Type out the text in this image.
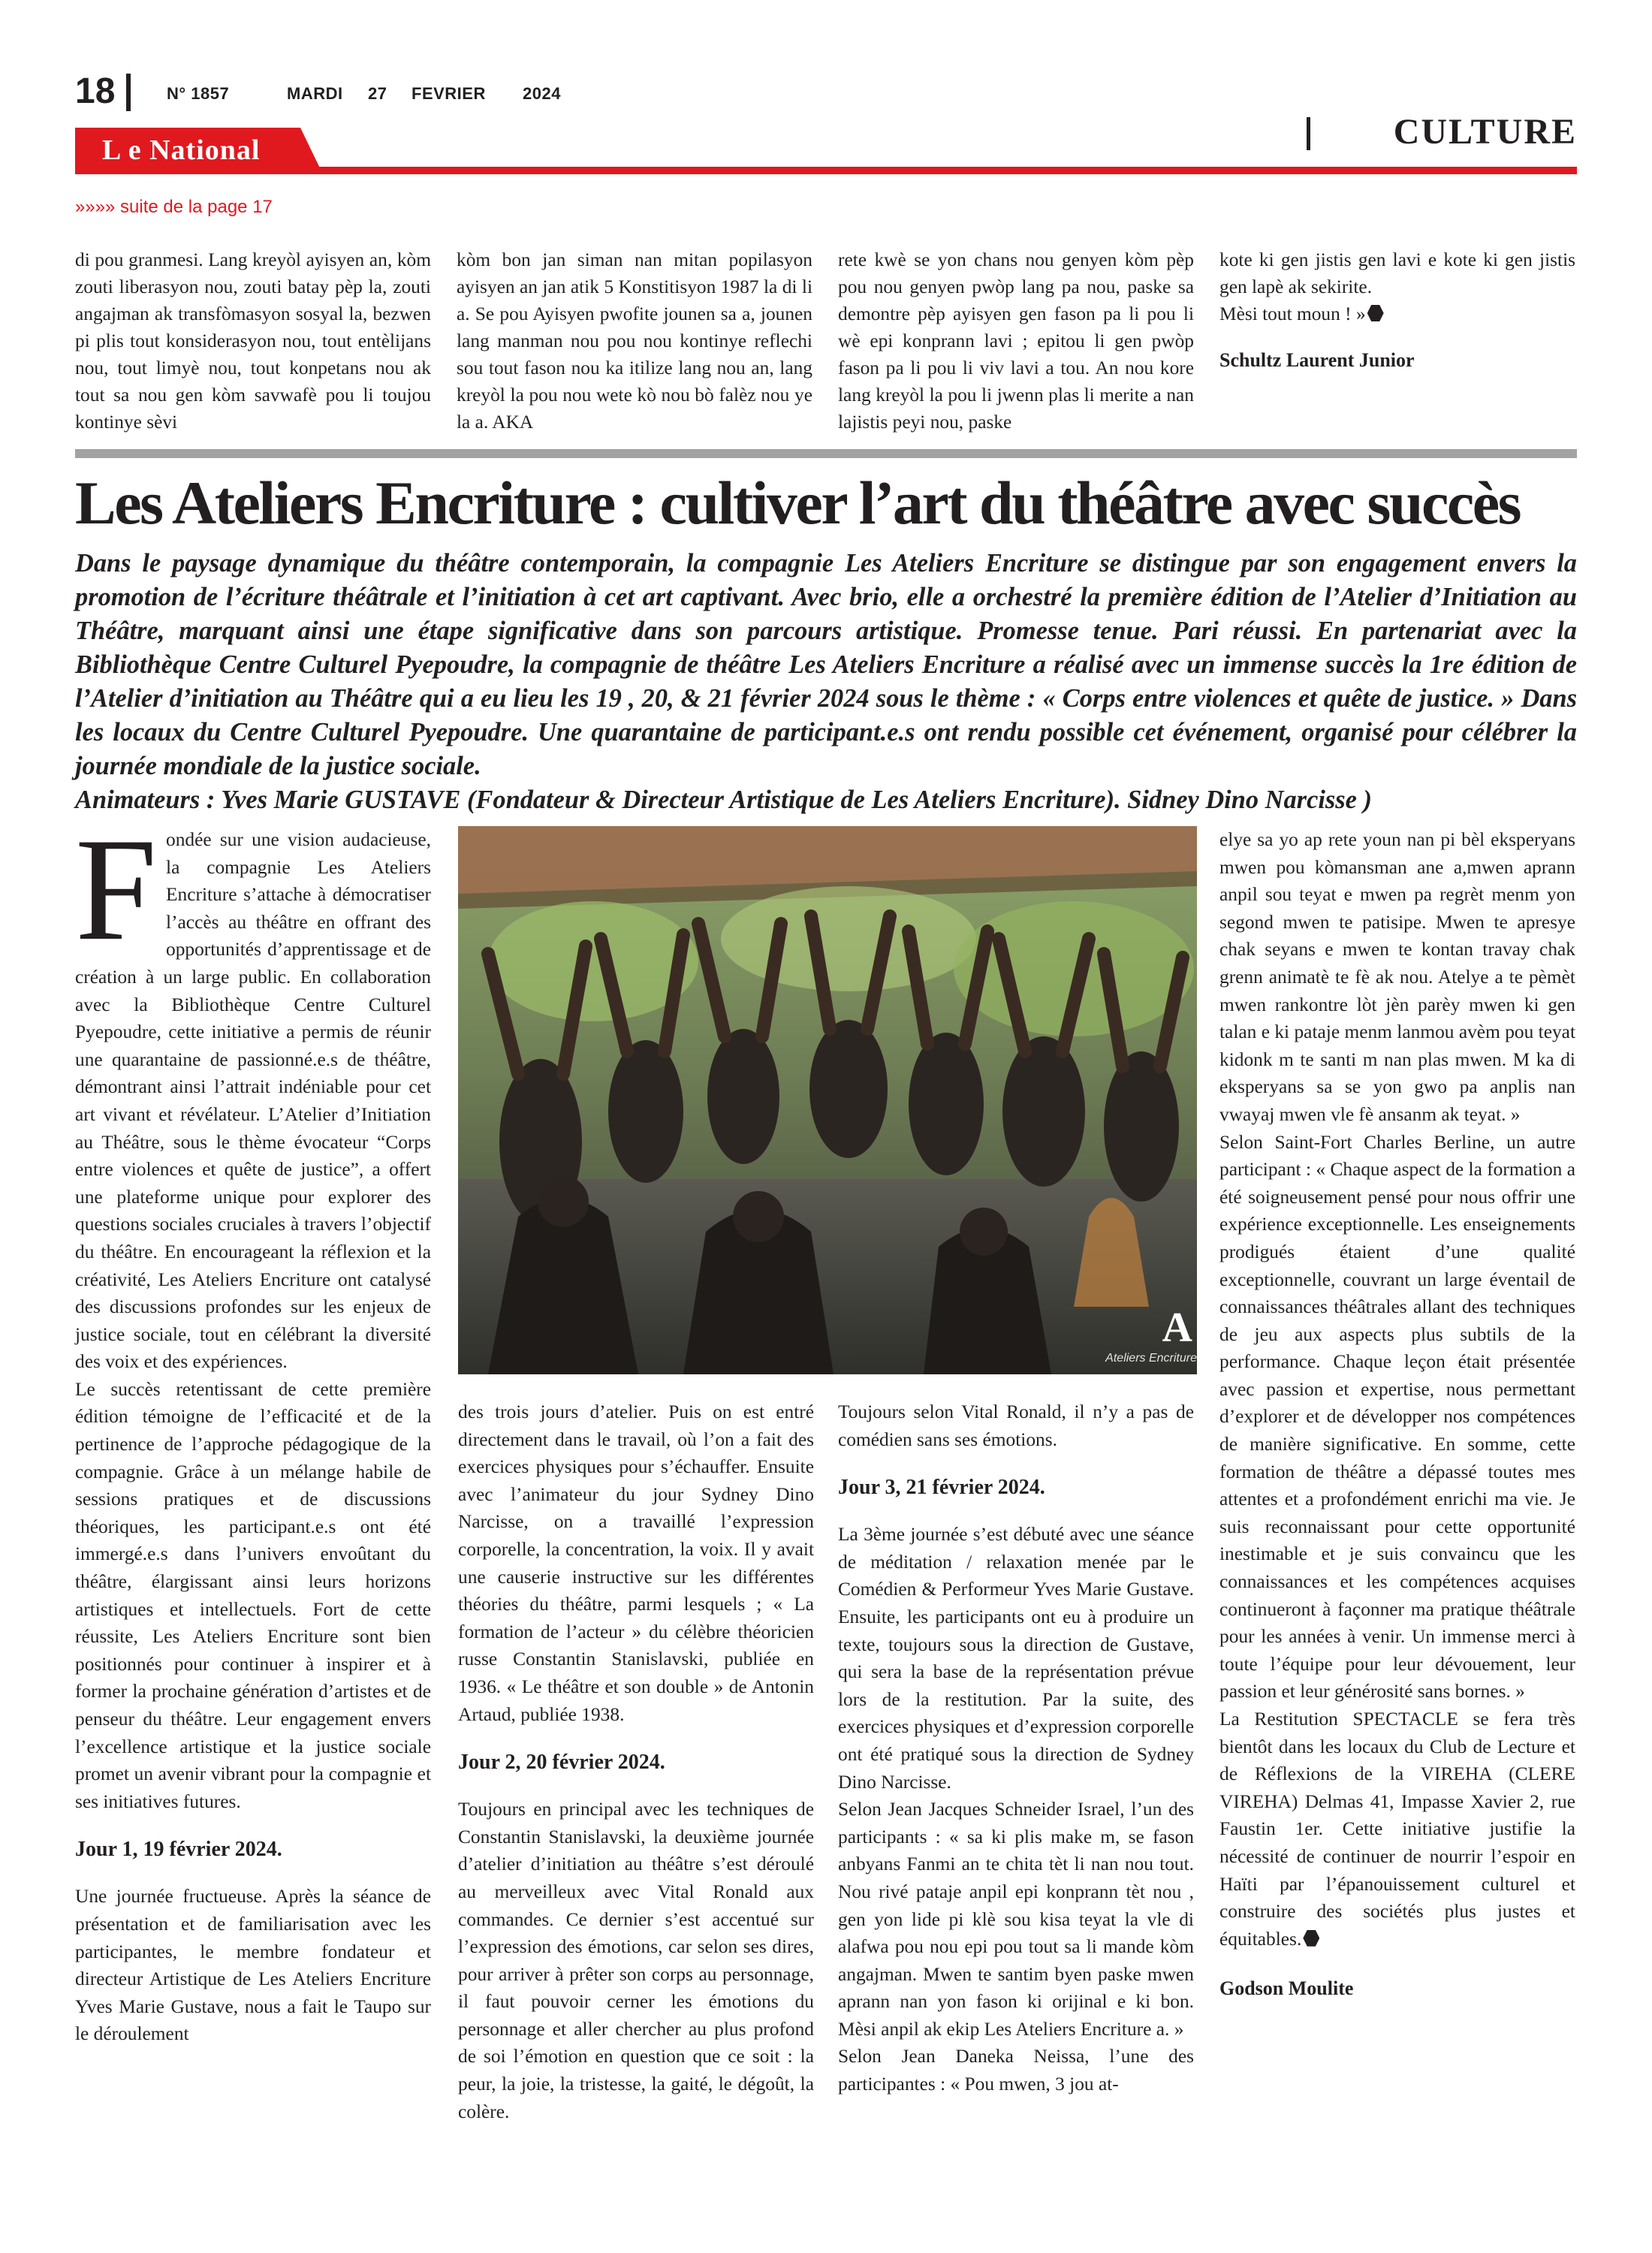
18	N° 1857	MARDI 27 FEVRIER 2024
CULTURE
L e National
»»»» suite de la page 17
di pou granmesi. Lang kreyòl ayisyen an, kòm zouti liberasyon nou, zouti batay pèp la, zouti angajman ak transfòmasyon sosyal la, bezwen pi plis tout konsiderasyon nou, tout entèlijans nou, tout limyè nou, tout konpetans nou ak tout sa nou gen kòm savwafè pou li toujou kontinye sèvi
kòm bon jan siman nan mitan popilasyon ayisyen an jan atik 5 Konstitisyon 1987 la di li a. Se pou Ayisyen pwofite jounen sa a, jounen lang manman nou pou nou kontinye reflechi sou tout fason nou ka itilize lang nou an, lang kreyòl la pou nou wete kò nou bò falèz nou ye la a. AKA
rete kwè se yon chans nou genyen kòm pèp pou nou genyen pwòp lang pa nou, paske sa demontre pèp ayisyen gen fason pa li pou li wè epi konprann lavi ; epitou li gen pwòp fason pa li pou li viv lavi a tou. An nou kore lang kreyòl la pou li jwenn plas li merite a nan lajistis peyi nou, paske
kote ki gen jistis gen lavi e kote ki gen jistis gen lapè ak sekirite.
Mèsi tout moun ! »
Schultz Laurent Junior
Les Ateliers Encriture : cultiver l’art du théâtre avec succès
Dans le paysage dynamique du théâtre contemporain, la compagnie Les Ateliers Encriture se distingue par son engagement envers la promotion de l’écriture théâtrale et l’initiation à cet art captivant. Avec brio, elle a orchestré la première édition de l’Atelier d’Initiation au Théâtre, marquant ainsi une étape significative dans son parcours artistique. Promesse tenue. Pari réussi. En partenariat avec la Bibliothèque Centre Culturel Pyepoudre, la compagnie de théâtre Les Ateliers Encriture a réalisé avec un immense succès la 1re édition de l’Atelier d’initiation au Théâtre qui a eu lieu les 19 , 20, & 21 février 2024 sous le thème : « Corps entre violences et quête de justice. » Dans les locaux du Centre Culturel Pyepoudre. Une quarantaine de participant.e.s ont rendu possible cet événement, organisé pour célébrer la journée mondiale de la justice sociale.
Animateurs : Yves Marie GUSTAVE (Fondateur & Directeur Artistique de Les Ateliers Encriture). Sidney Dino Narcisse )

Fondée sur une vision audacieuse, la compagnie Les Ateliers Encriture s’attache à démocratiser l’accès au théâtre en offrant des opportunités d’apprentissage et de création à un large public. En collaboration avec la Bibliothèque Centre Culturel Pyepoudre, cette initiative a permis de réunir une quarantaine de passionné.e.s de théâtre, démontrant ainsi l’attrait indéniable pour cet art vivant et révélateur. L’Atelier d’Initiation au Théâtre, sous le thème évocateur “Corps entre violences et quête de justice”, a offert une plateforme unique pour explorer des questions sociales cruciales à travers l’objectif du théâtre. En encourageant la réflexion et la créativité, Les Ateliers Encriture ont catalysé des discussions profondes sur les enjeux de justice sociale, tout en célébrant la diversité des voix et des expériences.

Le succès retentissant de cette première édition témoigne de l’efficacité et de la pertinence de l’approche pédagogique de la compagnie. Grâce à un mélange habile de sessions pratiques et de discussions théoriques, les participant.e.s ont été immergé.e.s dans l’univers envoûtant du théâtre, élargissant ainsi leurs horizons artistiques et intellectuels. Fort de cette réussite, Les Ateliers Encriture sont bien positionnés pour continuer à inspirer et à former la prochaine génération d’artistes et de penseur du théâtre. Leur engagement envers l’excellence artistique et la justice sociale promet un avenir vibrant pour la compagnie et ses initiatives futures.

Jour 1, 19 février 2024.

Une journée fructueuse. Après la séance de présentation et de familiarisation avec les participantes, le membre fondateur et directeur Artistique de Les Ateliers Encriture Yves Marie Gustave, nous a fait le Taupo sur le déroulement

A
Ateliers Encriture

des trois jours d’atelier. Puis on est entré directement dans le travail, où l’on a fait des exercices physiques pour s’échauffer. Ensuite avec l’animateur du jour Sydney Dino Narcisse, on a travaillé l’expression corporelle, la concentration, la voix. Il y avait une causerie instructive sur les différentes théories du théâtre, parmi lesquels ; « La formation de l’acteur » du célèbre théoricien russe Constantin Stanislavski, publiée en 1936. « Le théâtre et son double » de Antonin Artaud, publiée 1938.

Jour 2, 20 février 2024.

Toujours en principal avec les techniques de Constantin Stanislavski, la deuxième journée d’atelier d’initiation au théâtre s’est déroulé au merveilleux avec Vital Ronald aux commandes. Ce dernier s’est accentué sur l’expression des émotions, car selon ses dires, pour arriver à prêter son corps au personnage, il faut pouvoir cerner les émotions du personnage et aller chercher au plus profond de soi l’émotion en question que ce soit : la peur, la joie, la tristesse, la gaité, le dégoût, la colère.

Toujours selon Vital Ronald, il n’y a pas de comédien sans ses émotions.

Jour 3, 21 février 2024.

La 3ème journée s’est débuté avec une séance de méditation / relaxation menée par le Comédien & Performeur Yves Marie Gustave. Ensuite, les participants ont eu à produire un texte, toujours sous la direction de Gustave, qui sera la base de la représentation prévue lors de la restitution. Par la suite, des exercices physiques et d’expression corporelle ont été pratiqué sous la direction de Sydney Dino Narcisse.

Selon Jean Jacques Schneider Israel, l’un des participants : « sa ki plis make m, se fason anbyans Fanmi an te chita tèt li nan nou tout. Nou rivé pataje anpil epi konprann tèt nou , gen yon lide pi klè sou kisa teyat la vle di alafwa pou nou epi pou tout sa li mande kòm angajman. Mwen te santim byen paske mwen aprann nan yon fason ki orijinal e ki bon. Mèsi anpil ak ekip Les Ateliers Encriture a. »

Selon Jean Daneka Neissa, l’une des participantes : « Pou mwen, 3 jou at-

elye sa yo ap rete youn nan pi bèl eksperyans mwen pou kòmansman ane a,mwen aprann anpil sou teyat e mwen pa regrèt menm yon segond mwen te patisipe. Mwen te apresye chak seyans e mwen te kontan travay chak grenn animatè te fè ak nou. Atelye a te pèmèt mwen rankontre lòt jèn parèy mwen ki gen talan e ki pataje menm lanmou avèm pou teyat kidonk m te santi m nan plas mwen. M ka di eksperyans sa se yon gwo pa anplis nan vwayaj mwen vle fè ansanm ak teyat. »

Selon Saint-Fort Charles Berline, un autre participant : « Chaque aspect de la formation a été soigneusement pensé pour nous offrir une expérience exceptionnelle. Les enseignements prodigués étaient d’une qualité exceptionnelle, couvrant un large éventail de connaissances théâtrales allant des techniques de jeu aux aspects plus subtils de la performance. Chaque leçon était présentée avec passion et expertise, nous permettant d’explorer et de développer nos compétences de manière significative. En somme, cette formation de théâtre a dépassé toutes mes attentes et a profondément enrichi ma vie. Je suis reconnaissant pour cette opportunité inestimable et je suis convaincu que les connaissances et les compétences acquises continueront à façonner ma pratique théâtrale pour les années à venir. Un immense merci à toute l’équipe pour leur dévouement, leur passion et leur générosité sans bornes. »

La Restitution SPECTACLE se fera très bientôt dans les locaux du Club de Lecture et de Réflexions de la VIREHA (CLERE VIREHA) Delmas 41, Impasse Xavier 2, rue Faustin 1er. Cette initiative justifie la nécessité de continuer de nourrir l’espoir en Haïti par l’épanouissement culturel et construire des sociétés plus justes et équitables.

Godson Moulite
